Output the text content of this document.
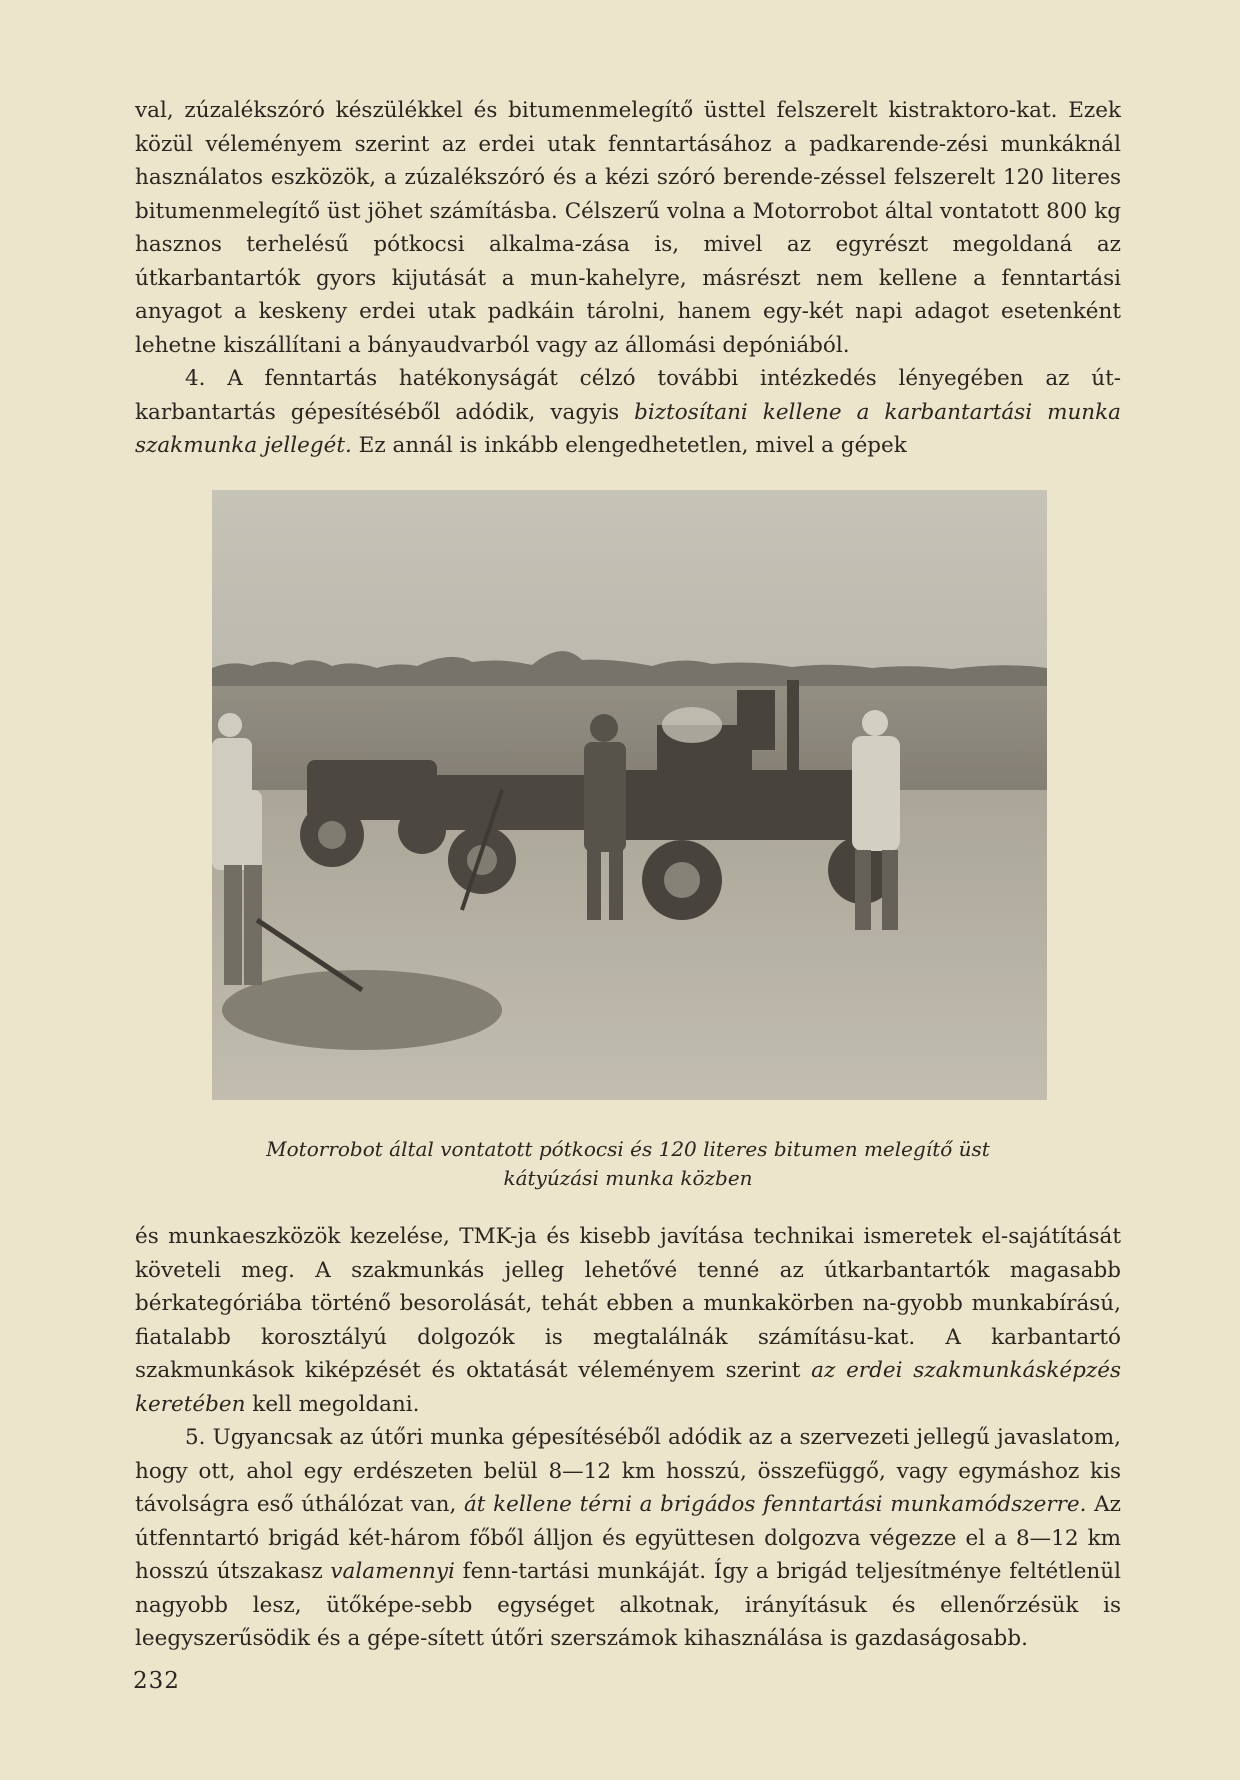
val, zúzalékszóró készülékkel és bitumenmelegítő üsttel felszerelt kistraktoro-kat. Ezek közül véleményem szerint az erdei utak fenntartásához a padkarende-zési munkáknál használatos eszközök, a zúzalékszóró és a kézi szóró berende-zéssel felszerelt 120 literes bitumenmelegítő üst jöhet számításba. Célszerű volna a Motorrobot által vontatott 800 kg hasznos terhelésű pótkocsi alkalma-zása is, mivel az egyrészt megoldaná az útkarbantartók gyors kijutását a mun-kahelyre, másrészt nem kellene a fenntartási anyagot a keskeny erdei utak padkáin tárolni, hanem egy-két napi adagot esetenként lehetne kiszállítani a bányaudvarból vagy az állomási depóniából.

4. A fenntartás hatékonyságát célzó további intézkedés lényegében az út-karbantartás gépesítéséből adódik, vagyis biztosítani kellene a karbantartási munka szakmunka jellegét. Ez annál is inkább elengedhetetlen, mivel a gépek

Motorrobot által vontatott pótkocsi és 120 literes bitumen melegítő üst
kátyúzási munka közben

és munkaeszközök kezelése, TMK-ja és kisebb javítása technikai ismeretek el-sajátítását követeli meg. A szakmunkás jelleg lehetővé tenné az útkarbantartók magasabb bérkategóriába történő besorolását, tehát ebben a munkakörben na-gyobb munkabírású, fiatalabb korosztályú dolgozók is megtalálnák számításu-kat. A karbantartó szakmunkások kiképzését és oktatását véleményem szerint az erdei szakmunkásképzés keretében kell megoldani.

5. Ugyancsak az útőri munka gépesítéséből adódik az a szervezeti jellegű javaslatom, hogy ott, ahol egy erdészeten belül 8—12 km hosszú, összefüggő, vagy egymáshoz kis távolságra eső úthálózat van, át kellene térni a brigádos fenntartási munkamódszerre. Az útfenntartó brigád két-három főből álljon és együttesen dolgozva végezze el a 8—12 km hosszú útszakasz valamennyi fenn-tartási munkáját. Így a brigád teljesítménye feltétlenül nagyobb lesz, ütőképe-sebb egységet alkotnak, irányításuk és ellenőrzésük is leegyszerűsödik és a gépe-sített útőri szerszámok kihasználása is gazdaságosabb.

232
